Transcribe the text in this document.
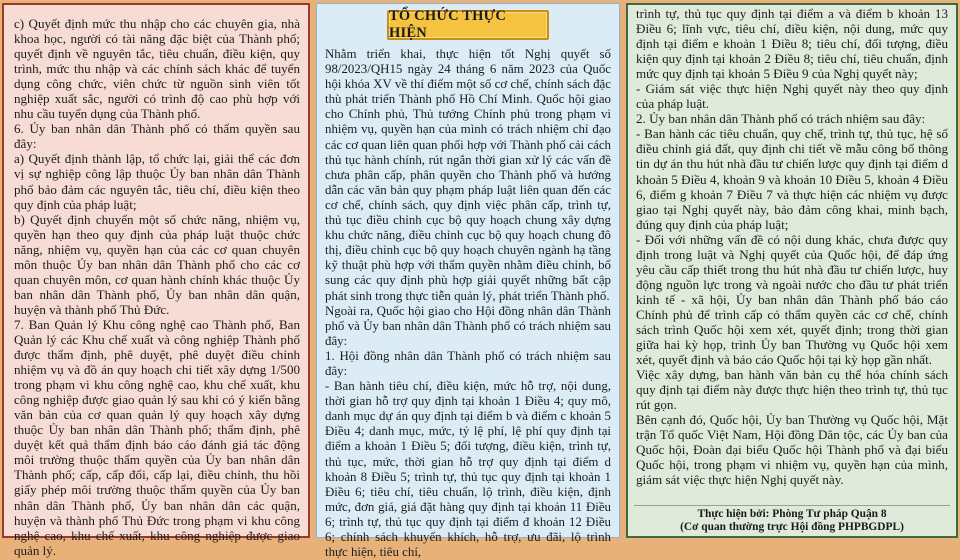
c) Quyết định mức thu nhập cho các chuyên gia, nhà khoa học, người có tài năng đặc biệt của Thành phố; quyết định về nguyên tắc, tiêu chuẩn, điều kiện, quy trình, mức thu nhập và các chính sách khác để tuyển dụng công chức, viên chức từ nguồn sinh viên tốt nghiệp xuất sắc, người có trình độ cao phù hợp với nhu cầu tuyển dụng của Thành phố.

6. Ủy ban nhân dân Thành phố có thẩm quyền sau đây:

a) Quyết định thành lập, tổ chức lại, giải thể các đơn vị sự nghiệp công lập thuộc Ủy ban nhân dân Thành phố bảo đảm các nguyên tắc, tiêu chí, điều kiện theo quy định của pháp luật;

b) Quyết định chuyển một số chức năng, nhiệm vụ, quyền hạn theo quy định của pháp luật thuộc chức năng, nhiệm vụ, quyền hạn của các cơ quan chuyên môn thuộc Ủy ban nhân dân Thành phố cho các cơ quan chuyên môn, cơ quan hành chính khác thuộc Ủy ban nhân dân Thành phố, Ủy ban nhân dân quận, huyện và thành phố Thủ Đức.

7. Ban Quản lý Khu công nghệ cao Thành phố, Ban Quản lý các Khu chế xuất và công nghiệp Thành phố được thẩm định, phê duyệt, phê duyệt điều chỉnh nhiệm vụ và đồ án quy hoạch chi tiết xây dựng 1/500 trong phạm vi khu công nghệ cao, khu chế xuất, khu công nghiệp được giao quản lý sau khi có ý kiến bằng văn bản của cơ quan quản lý quy hoạch xây dựng thuộc Ủy ban nhân dân Thành phố; thẩm định, phê duyệt kết quả thẩm định báo cáo đánh giá tác động môi trường thuộc thẩm quyền của Ủy ban nhân dân Thành phố; cấp, cấp đổi, cấp lại, điều chỉnh, thu hồi giấy phép môi trường thuộc thẩm quyền của Ủy ban nhân dân Thành phố, Ủy ban nhân dân các quận, huyện và thành phố Thủ Đức trong phạm vi khu công nghệ cao, khu chế xuất, khu công nghiệp được giao quản lý.

TỔ CHỨC THỰC HIỆN

Nhằm triển khai, thực hiện tốt Nghị quyết số 98/2023/QH15 ngày 24 tháng 6 năm 2023 của Quốc hội khóa XV về thí điểm một số cơ chế, chính sách đặc thù phát triển Thành phố Hồ Chí Minh. Quốc hội giao cho Chính phủ, Thủ tướng Chính phủ trong phạm vi nhiệm vụ, quyền hạn của mình có trách nhiệm chỉ đạo các cơ quan liên quan phối hợp với Thành phố cải cách thủ tục hành chính, rút ngắn thời gian xử lý các vấn đề chưa phân cấp, phân quyền cho Thành phố và hướng dẫn các văn bản quy phạm pháp luật liên quan đến các cơ chế, chính sách, quy định việc phân cấp, trình tự, thủ tục điều chỉnh cục bộ quy hoạch chung xây dựng khu chức năng, điều chỉnh cục bộ quy hoạch chung đô thị, điều chỉnh cục bộ quy hoạch chuyên ngành hạ tầng kỹ thuật phù hợp với thẩm quyền nhằm điều chỉnh, bổ sung các quy định phù hợp giải quyết những bất cập phát sinh trong thực tiễn quản lý, phát triển Thành phố.

Ngoài ra, Quốc hội giao cho Hội đồng nhân dân Thành phố và Ủy ban nhân dân Thành phố có trách nhiệm sau đây:

1. Hội đồng nhân dân Thành phố có trách nhiệm sau đây:

- Ban hành tiêu chí, điều kiện, mức hỗ trợ, nội dung, thời gian hỗ trợ quy định tại khoản 1 Điều 4; quy mô, danh mục dự án quy định tại điểm b và điểm c khoản 5 Điều 4; danh mục, mức, tỷ lệ phí, lệ phí quy định tại điểm a khoản 1 Điều 5; đối tượng, điều kiện, trình tự, thủ tục, mức, thời gian hỗ trợ quy định tại điểm d khoản 8 Điều 5; trình tự, thủ tục quy định tại khoản 1 Điều 6; tiêu chí, tiêu chuẩn, lộ trình, điều kiện, định mức, đơn giá, giá đặt hàng quy định tại khoản 11 Điều 6; trình tự, thủ tục quy định tại điểm đ khoản 12 Điều 6; chính sách khuyến khích, hỗ trợ, ưu đãi, lộ trình thực hiện, tiêu chí,

trình tự, thủ tục quy định tại điểm a và điểm b khoản 13 Điều 6; lĩnh vực, tiêu chí, điều kiện, nội dung, mức quy định tại điểm e khoản 1 Điều 8; tiêu chí, đối tượng, điều kiện quy định tại khoản 2 Điều 8; tiêu chí, tiêu chuẩn, định mức quy định tại khoản 5 Điều 9 của Nghị quyết này;

- Giám sát việc thực hiện Nghị quyết này theo quy định của pháp luật.

2. Ủy ban nhân dân Thành phố có trách nhiệm sau đây:

- Ban hành các tiêu chuẩn, quy chế, trình tự, thủ tục, hệ số điều chỉnh giá đất, quy định chi tiết về mẫu công bố thông tin dự án thu hút nhà đầu tư chiến lược quy định tại điểm d khoản 5 Điều 4, khoản 9 và khoản 10 Điều 5, khoản 4 Điều 6, điểm g khoản 7 Điều 7 và thực hiện các nhiệm vụ được giao tại Nghị quyết này, bảo đảm công khai, minh bạch, đúng quy định của pháp luật;

- Đối với những vấn đề có nội dung khác, chưa được quy định trong luật và Nghị quyết của Quốc hội, để đáp ứng yêu cầu cấp thiết trong thu hút nhà đầu tư chiến lược, huy động nguồn lực trong và ngoài nước cho đầu tư phát triển kinh tế - xã hội, Ủy ban nhân dân Thành phố báo cáo Chính phủ để trình cấp có thẩm quyền các cơ chế, chính sách trình Quốc hội xem xét, quyết định; trong thời gian giữa hai kỳ họp, trình Ủy ban Thường vụ Quốc hội xem xét, quyết định và báo cáo Quốc hội tại kỳ họp gần nhất.

Việc xây dựng, ban hành văn bản cụ thể hóa chính sách quy định tại điểm này được thực hiện theo trình tự, thủ tục rút gọn.

Bên cạnh đó, Quốc hội, Ủy ban Thường vụ Quốc hội, Mặt trận Tổ quốc Việt Nam, Hội đồng Dân tộc, các Ủy ban của Quốc hội, Đoàn đại biểu Quốc hội Thành phố và đại biểu Quốc hội, trong phạm vi nhiệm vụ, quyền hạn của mình, giám sát việc thực hiện Nghị quyết này.

Thực hiện bởi: Phòng Tư pháp Quận 8
(Cơ quan thường trực Hội đồng PHPBGDPL)
